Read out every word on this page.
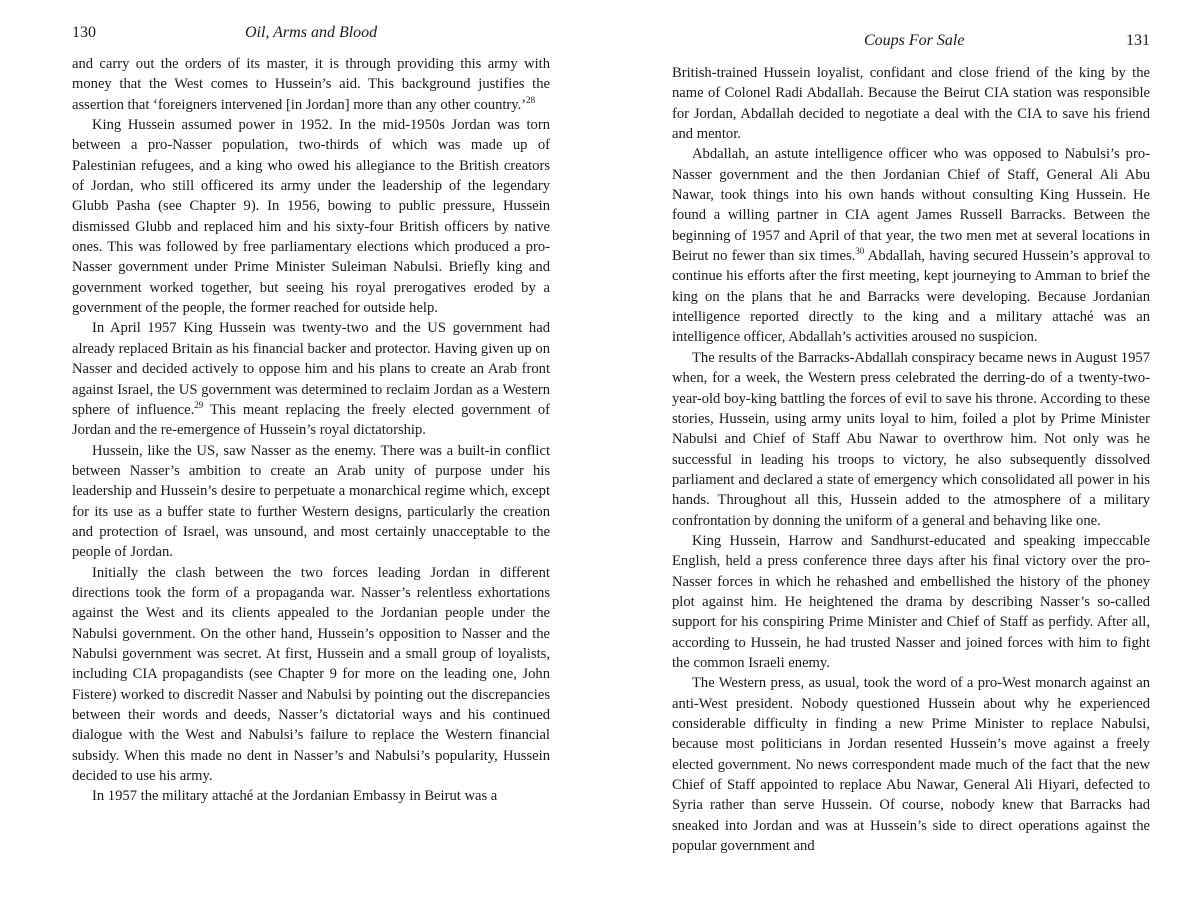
130	Oil, Arms and Blood

and carry out the orders of its master, it is through providing this army with money that the West comes to Hussein’s aid. This background justifies the assertion that ‘foreigners intervened [in Jordan] more than any other country.’$^{28}$

King Hussein assumed power in 1952. In the mid-1950s Jordan was torn between a pro-Nasser population, two-thirds of which was made up of Palestinian refugees, and a king who owed his allegiance to the British creators of Jordan, who still officered its army under the leadership of the legendary Glubb Pasha (see Chapter 9). In 1956, bowing to public pressure, Hussein dismissed Glubb and replaced him and his sixty-four British officers by native ones. This was followed by free parliamentary elections which produced a pro-Nasser government under Prime Minister Suleiman Nabulsi. Briefly king and government worked together, but seeing his royal prerogatives eroded by a government of the people, the former reached for outside help.

In April 1957 King Hussein was twenty-two and the US government had already replaced Britain as his financial backer and protector. Having given up on Nasser and decided actively to oppose him and his plans to create an Arab front against Israel, the US government was determined to reclaim Jordan as a Western sphere of influence.$^{29}$ This meant replacing the freely elected government of Jordan and the re-emergence of Hussein’s royal dictatorship.

Hussein, like the US, saw Nasser as the enemy. There was a built-in conflict between Nasser’s ambition to create an Arab unity of purpose under his leadership and Hussein’s desire to perpetuate a monarchical regime which, except for its use as a buffer state to further Western designs, particularly the creation and protection of Israel, was unsound, and most certainly unacceptable to the people of Jordan.

Initially the clash between the two forces leading Jordan in different directions took the form of a propaganda war. Nasser’s relentless exhortations against the West and its clients appealed to the Jordanian people under the Nabulsi government. On the other hand, Hussein’s opposition to Nasser and the Nabulsi government was secret. At first, Hussein and a small group of loyalists, including CIA propagandists (see Chapter 9 for more on the leading one, John Fistere) worked to discredit Nasser and Nabulsi by pointing out the discrepancies between their words and deeds, Nasser’s dictatorial ways and his continued dialogue with the West and Nabulsi’s failure to replace the Western financial subsidy. When this made no dent in Nasser’s and Nabulsi’s popularity, Hussein decided to use his army.

In 1957 the military attaché at the Jordanian Embassy in Beirut was a

Coups For Sale	131

British-trained Hussein loyalist, confidant and close friend of the king by the name of Colonel Radi Abdallah. Because the Beirut CIA station was responsible for Jordan, Abdallah decided to negotiate a deal with the CIA to save his friend and mentor.

Abdallah, an astute intelligence officer who was opposed to Nabulsi’s pro-Nasser government and the then Jordanian Chief of Staff, General Ali Abu Nawar, took things into his own hands without consulting King Hussein. He found a willing partner in CIA agent James Russell Barracks. Between the beginning of 1957 and April of that year, the two men met at several locations in Beirut no fewer than six times.$^{30}$ Abdallah, having secured Hussein’s approval to continue his efforts after the first meeting, kept journeying to Amman to brief the king on the plans that he and Barracks were developing. Because Jordanian intelligence reported directly to the king and a military attaché was an intelligence officer, Abdallah’s activities aroused no suspicion.

The results of the Barracks-Abdallah conspiracy became news in August 1957 when, for a week, the Western press celebrated the derring-do of a twenty-two-year-old boy-king battling the forces of evil to save his throne. According to these stories, Hussein, using army units loyal to him, foiled a plot by Prime Minister Nabulsi and Chief of Staff Abu Nawar to overthrow him. Not only was he successful in leading his troops to victory, he also subsequently dissolved parliament and declared a state of emergency which consolidated all power in his hands. Throughout all this, Hussein added to the atmosphere of a military confrontation by donning the uniform of a general and behaving like one.

King Hussein, Harrow and Sandhurst-educated and speaking impeccable English, held a press conference three days after his final victory over the pro-Nasser forces in which he rehashed and embellished the history of the phoney plot against him. He heightened the drama by describing Nasser’s so-called support for his conspiring Prime Minister and Chief of Staff as perfidy. After all, according to Hussein, he had trusted Nasser and joined forces with him to fight the common Israeli enemy.

The Western press, as usual, took the word of a pro-West monarch against an anti-West president. Nobody questioned Hussein about why he experienced considerable difficulty in finding a new Prime Minister to replace Nabulsi, because most politicians in Jordan resented Hussein’s move against a freely elected government. No news correspondent made much of the fact that the new Chief of Staff appointed to replace Abu Nawar, General Ali Hiyari, defected to Syria rather than serve Hussein. Of course, nobody knew that Barracks had sneaked into Jordan and was at Hussein’s side to direct operations against the popular government and
